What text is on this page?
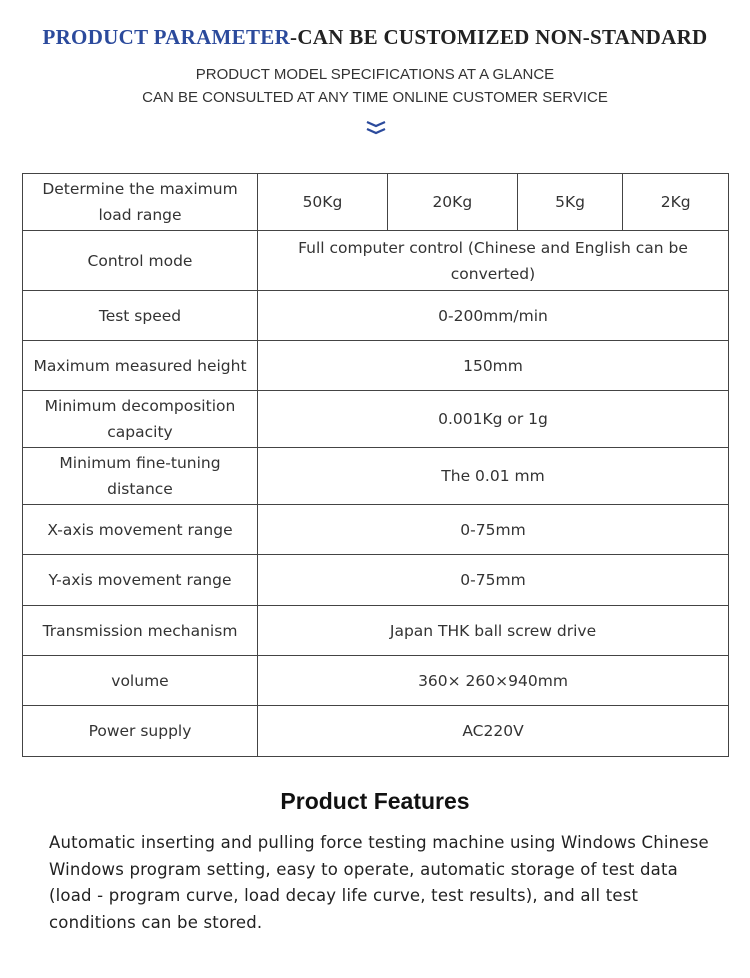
PRODUCT PARAMETER-CAN BE CUSTOMIZED NON-STANDARD
PRODUCT MODEL SPECIFICATIONS AT A GLANCE
CAN BE CONSULTED AT ANY TIME ONLINE CUSTOMER SERVICE
Determine the maximum load range	50Kg	20Kg	5Kg	2Kg
Control mode	Full computer control (Chinese and English can be converted)			
Test speed	0-200mm/min			
Maximum measured height	150mm			
Minimum decomposition capacity	0.001Kg or 1g			
Minimum fine-tuning distance	The 0.01 mm			
X-axis movement range	0-75mm			
Y-axis movement range	0-75mm			
Transmission mechanism	Japan THK ball screw drive			
volume	360× 260×940mm			
Power supply	AC220V			
Product Features
Automatic inserting and pulling force testing machine using Windows Chinese Windows program setting, easy to operate, automatic storage of test data (load - program curve, load decay life curve, test results), and all test conditions can be stored.
